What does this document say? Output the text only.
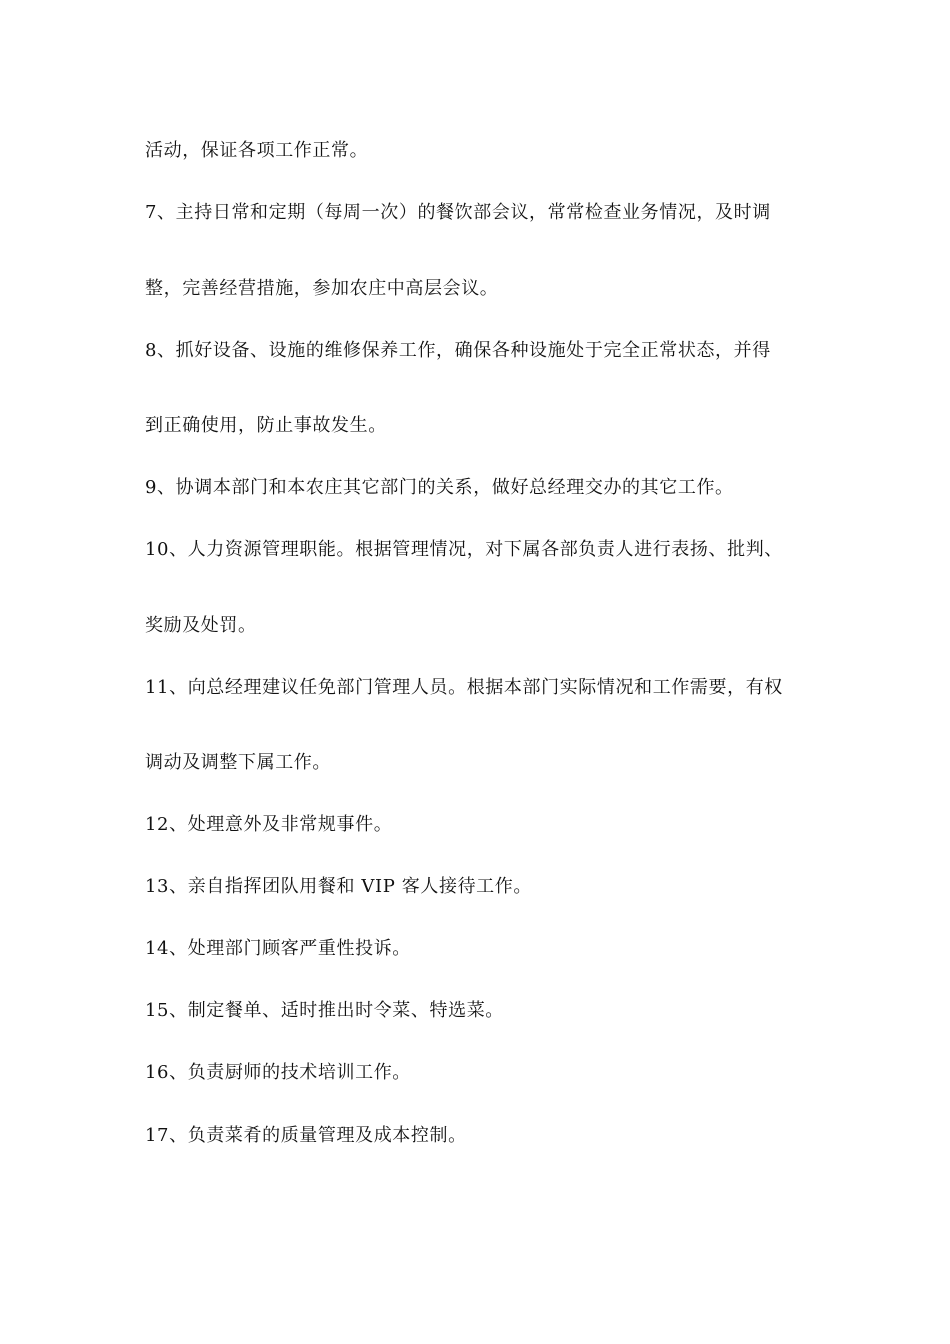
活动，保证各项工作正常。
7、主持日常和定期（每周一次）的餐饮部会议，常常检查业务情况，及时调
整，完善经营措施，参加农庄中高层会议。
8、抓好设备、设施的维修保养工作，确保各种设施处于完全正常状态，并得
到正确使用，防止事故发生。
9、协调本部门和本农庄其它部门的关系，做好总经理交办的其它工作。
10、人力资源管理职能。根据管理情况，对下属各部负责人进行表扬、批判、
奖励及处罚。
11、向总经理建议任免部门管理人员。根据本部门实际情况和工作需要，有权
调动及调整下属工作。
12、处理意外及非常规事件。
13、亲自指挥团队用餐和 VIP 客人接待工作。
14、处理部门顾客严重性投诉。
15、制定餐单、适时推出时令菜、特选菜。
16、负责厨师的技术培训工作。
17、负责菜肴的质量管理及成本控制。
